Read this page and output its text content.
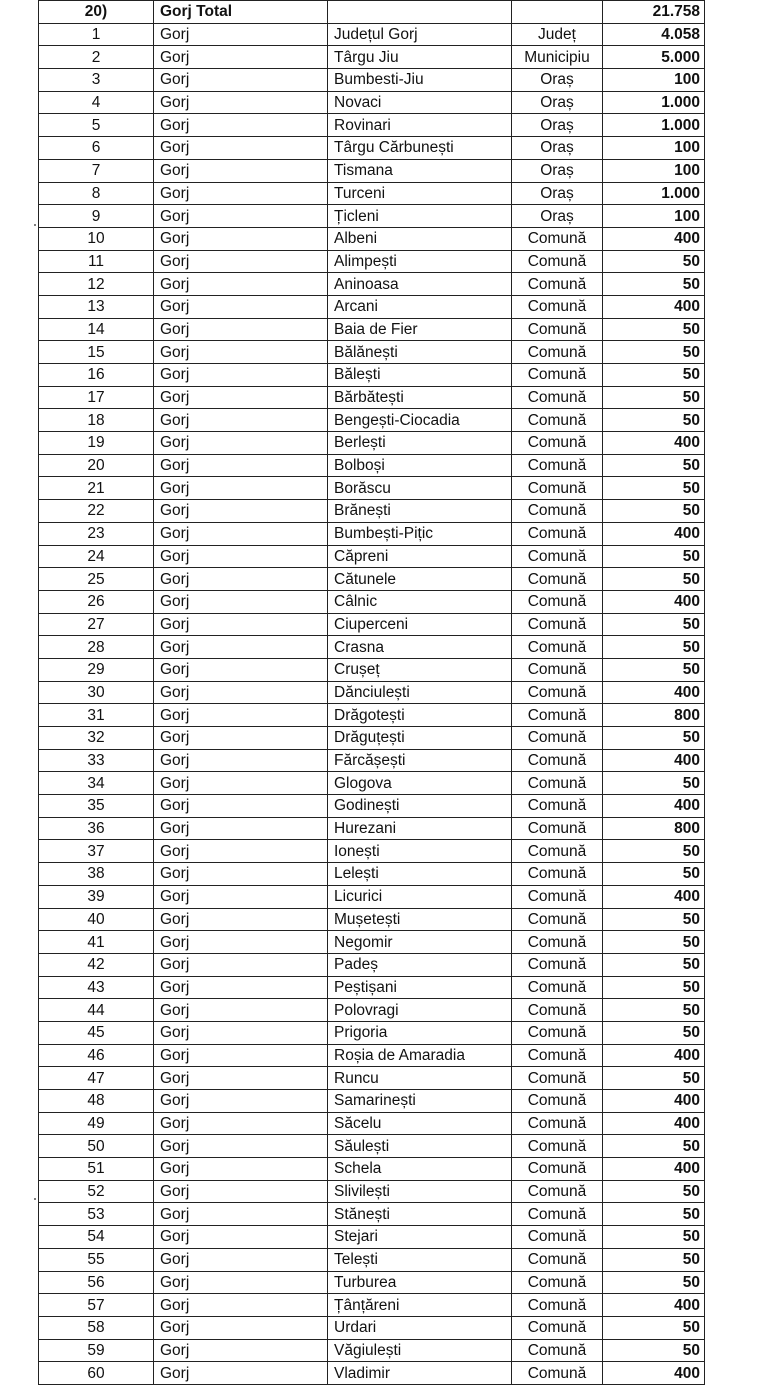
20)	Gorj Total			21.758
1	Gorj	Județul Gorj	Județ	4.058
2	Gorj	Târgu Jiu	Municipiu	5.000
3	Gorj	Bumbesti-Jiu	Oraș	100
4	Gorj	Novaci	Oraș	1.000
5	Gorj	Rovinari	Oraș	1.000
6	Gorj	Târgu Cărbunești	Oraș	100
7	Gorj	Tismana	Oraș	100
8	Gorj	Turceni	Oraș	1.000
9	Gorj	Țicleni	Oraș	100
10	Gorj	Albeni	Comună	400
11	Gorj	Alimpești	Comună	50
12	Gorj	Aninoasa	Comună	50
13	Gorj	Arcani	Comună	400
14	Gorj	Baia de Fier	Comună	50
15	Gorj	Bălănești	Comună	50
16	Gorj	Bălești	Comună	50
17	Gorj	Bărbătești	Comună	50
18	Gorj	Bengești-Ciocadia	Comună	50
19	Gorj	Berlești	Comună	400
20	Gorj	Bolboși	Comună	50
21	Gorj	Borăscu	Comună	50
22	Gorj	Brănești	Comună	50
23	Gorj	Bumbești-Pițic	Comună	400
24	Gorj	Căpreni	Comună	50
25	Gorj	Cătunele	Comună	50
26	Gorj	Câlnic	Comună	400
27	Gorj	Ciuperceni	Comună	50
28	Gorj	Crasna	Comună	50
29	Gorj	Crușeț	Comună	50
30	Gorj	Dănciulești	Comună	400
31	Gorj	Drăgotești	Comună	800
32	Gorj	Drăguțești	Comună	50
33	Gorj	Fărcășești	Comună	400
34	Gorj	Glogova	Comună	50
35	Gorj	Godinești	Comună	400
36	Gorj	Hurezani	Comună	800
37	Gorj	Ionești	Comună	50
38	Gorj	Lelești	Comună	50
39	Gorj	Licurici	Comună	400
40	Gorj	Mușetești	Comună	50
41	Gorj	Negomir	Comună	50
42	Gorj	Padeș	Comună	50
43	Gorj	Peștișani	Comună	50
44	Gorj	Polovragi	Comună	50
45	Gorj	Prigoria	Comună	50
46	Gorj	Roșia de Amaradia	Comună	400
47	Gorj	Runcu	Comună	50
48	Gorj	Samarinești	Comună	400
49	Gorj	Săcelu	Comună	400
50	Gorj	Săulești	Comună	50
51	Gorj	Schela	Comună	400
52	Gorj	Slivilești	Comună	50
53	Gorj	Stănești	Comună	50
54	Gorj	Stejari	Comună	50
55	Gorj	Telești	Comună	50
56	Gorj	Turburea	Comună	50
57	Gorj	Țânțăreni	Comună	400
58	Gorj	Urdari	Comună	50
59	Gorj	Văgiulești	Comună	50
60	Gorj	Vladimir	Comună	400
